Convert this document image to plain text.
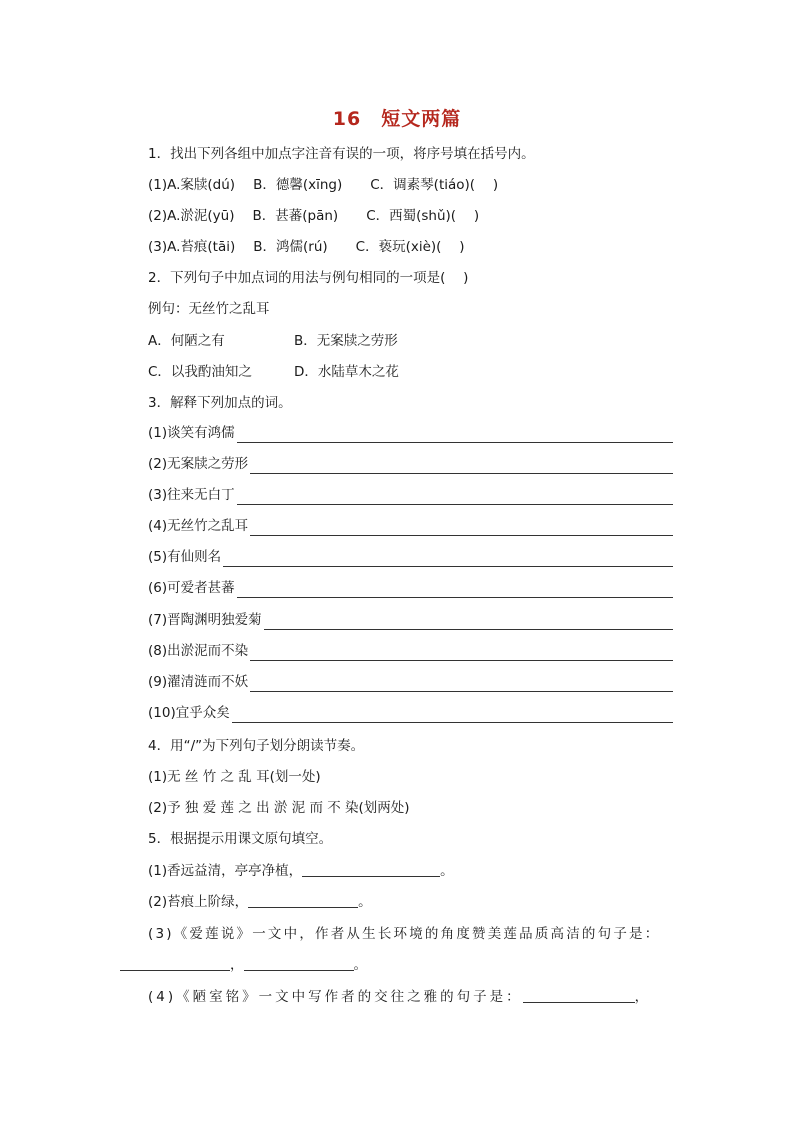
16　短文两篇
1．找出下列各组中加点字注音有误的一项，将序号填在括号内。
(1)A.案牍(dú) B．德馨(xīng) C．调素琴(tiáo)(　 )
(2)A.淤泥(yū) B．甚蕃(pān) C．西蜀(shǔ)(　 )
(3)A.苔痕(tāi) B．鸿儒(rú) C．亵玩(xiè)(　 )
2．下列句子中加点词的用法与例句相同的一项是(　 )
例句：无丝竹之乱耳
A．何陋之有	B．无案牍之劳形
C．以我酌油知之	D．水陆草木之花
3．解释下列加点的词。
(1)谈笑有鸿儒
(2)无案牍之劳形
(3)往来无白丁
(4)无丝竹之乱耳
(5)有仙则名
(6)可爱者甚蕃
(7)晋陶渊明独爱菊
(8)出淤泥而不染
(9)濯清涟而不妖
(10)宜乎众矣
4．用“/”为下列句子划分朗读节奏。
(1)无 丝 竹 之 乱 耳(划一处)
(2)予 独 爱 莲 之 出 淤 泥 而 不 染(划两处)
5．根据提示用课文原句填空。
(1)香远益清，亭亭净植，	。
(2)苔痕上阶绿，	。
(3)《爱莲说》一文中，作者从生长环境的角度赞美莲品质高洁的句子是：
，	。
(4)《陋室铭》一文中写作者的交往之雅的句子是：	，
